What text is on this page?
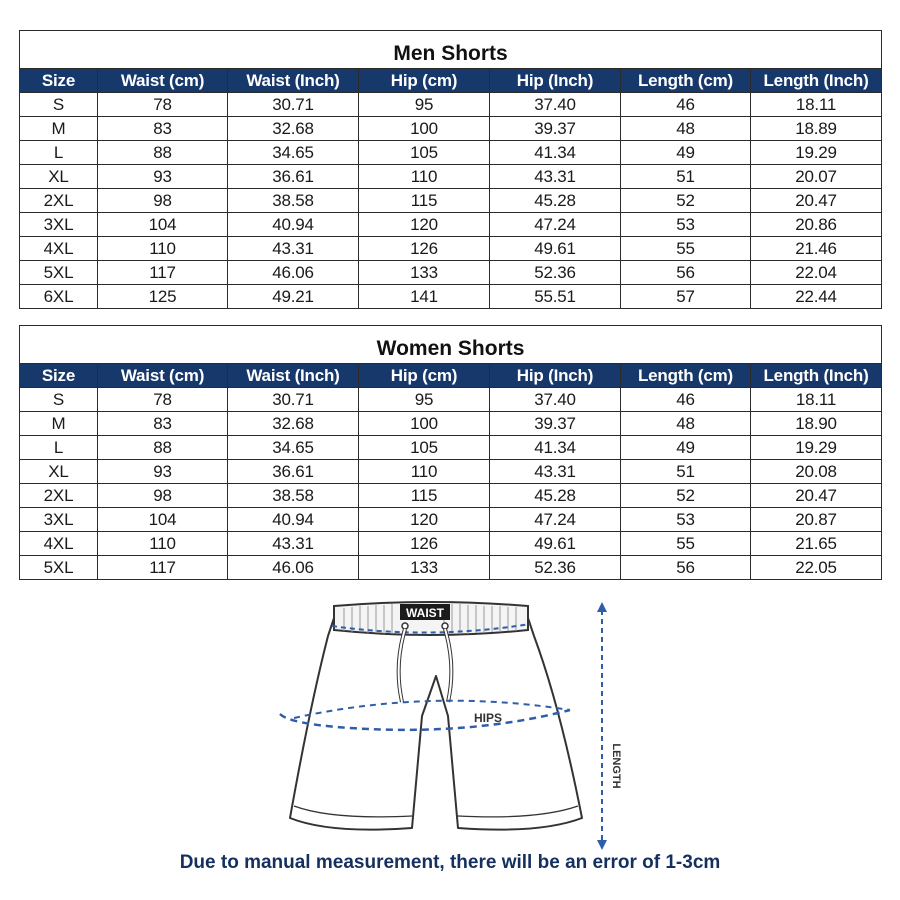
Men Shorts						
Size	Waist (cm)	Waist (Inch)	Hip (cm)	Hip (Inch)	Length (cm)	Length (Inch)
S	78	30.71	95	37.40	46	18.11
M	83	32.68	100	39.37	48	18.89
L	88	34.65	105	41.34	49	19.29
XL	93	36.61	110	43.31	51	20.07
2XL	98	38.58	115	45.28	52	20.47
3XL	104	40.94	120	47.24	53	20.86
4XL	110	43.31	126	49.61	55	21.46
5XL	117	46.06	133	52.36	56	22.04
6XL	125	49.21	141	55.51	57	22.44
Women Shorts						
Size	Waist (cm)	Waist (Inch)	Hip (cm)	Hip (Inch)	Length (cm)	Length (Inch)
S	78	30.71	95	37.40	46	18.11
M	83	32.68	100	39.37	48	18.90
L	88	34.65	105	41.34	49	19.29
XL	93	36.61	110	43.31	51	20.08
2XL	98	38.58	115	45.28	52	20.47
3XL	104	40.94	120	47.24	53	20.87
4XL	110	43.31	126	49.61	55	21.65
5XL	117	46.06	133	52.36	56	22.05
WAIST
HIPS
LENGTH
Due to manual measurement, there will be an error of 1-3cm
